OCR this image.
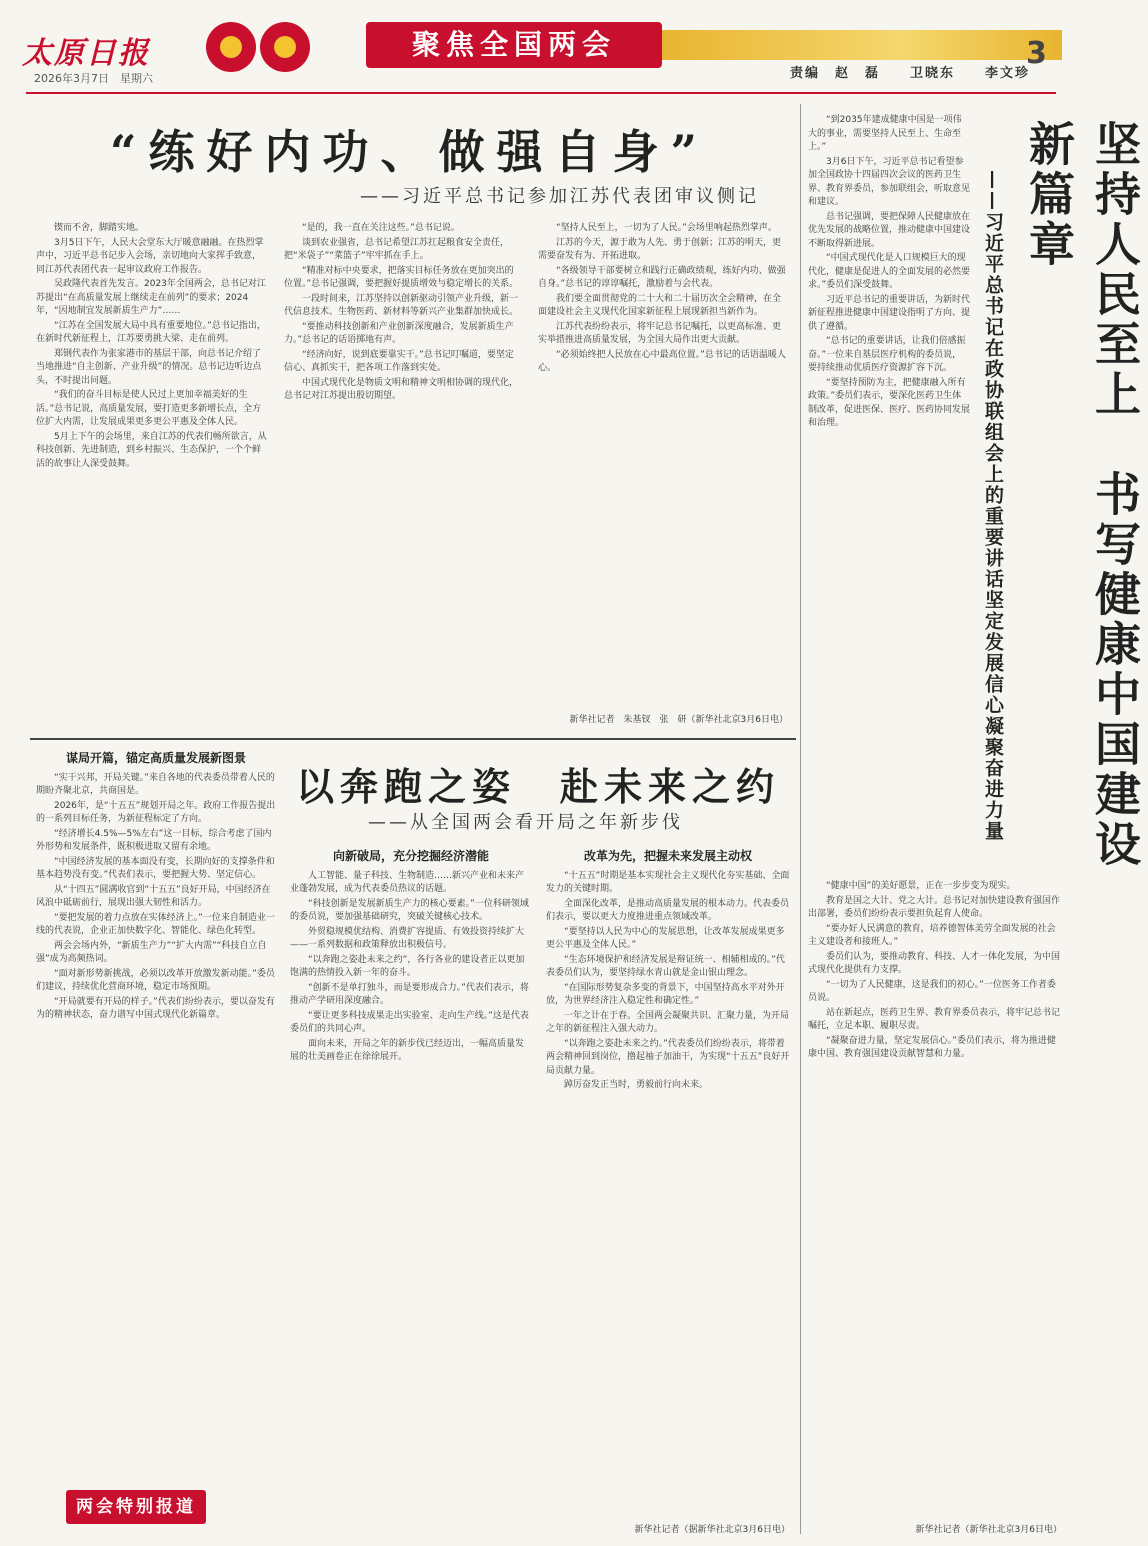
太原日报
2026年3月7日　星期六
聚焦全国两会
责编　赵　磊　　卫晓东　　李文珍
3
“练好内功、做强自身”
——习近平总书记参加江苏代表团审议侧记

锲而不舍，脚踏实地。

3月5日下午，人民大会堂东大厅暖意融融。在热烈掌声中，习近平总书记步入会场，亲切地向大家挥手致意，同江苏代表团代表一起审议政府工作报告。

吴政隆代表首先发言。2023年全国两会，总书记对江苏提出“在高质量发展上继续走在前列”的要求；2024年，“因地制宜发展新质生产力”……

“江苏在全国发展大局中具有重要地位。”总书记指出，在新时代新征程上，江苏要勇挑大梁、走在前列。

郑钢代表作为张家港市的基层干部，向总书记介绍了当地推进“自主创新、产业升级”的情况。总书记边听边点头，不时提出问题。

“我们的奋斗目标是使人民过上更加幸福美好的生活。”总书记说，高质量发展，要打造更多新增长点，全方位扩大内需，让发展成果更多更公平惠及全体人民。

5月上下午的会场里，来自江苏的代表们畅所欲言，从科技创新、先进制造，到乡村振兴、生态保护，一个个鲜活的故事让人深受鼓舞。

“是的，我一直在关注这些。”总书记说。

谈到农业强省，总书记希望江苏扛起粮食安全责任，把“米袋子”“菜篮子”牢牢抓在手上。

“精准对标中央要求，把落实目标任务放在更加突出的位置。”总书记强调，要把握好提质增效与稳定增长的关系。

一段时间来，江苏坚持以创新驱动引领产业升级，新一代信息技术、生物医药、新材料等新兴产业集群加快成长。

“要推动科技创新和产业创新深度融合，发展新质生产力。”总书记的话语掷地有声。

“经济向好，说到底要靠实干。”总书记叮嘱道，要坚定信心、真抓实干，把各项工作落到实处。

中国式现代化是物质文明和精神文明相协调的现代化，总书记对江苏提出殷切期望。

“坚持人民至上，一切为了人民。”会场里响起热烈掌声。

江苏的今天，源于敢为人先、勇于创新；江苏的明天，更需要奋发有为、开拓进取。

“各级领导干部要树立和践行正确政绩观，练好内功、做强自身。”总书记的谆谆嘱托，激励着与会代表。

我们要全面贯彻党的二十大和二十届历次全会精神，在全面建设社会主义现代化国家新征程上展现新担当新作为。

江苏代表纷纷表示，将牢记总书记嘱托，以更高标准、更实举措推进高质量发展，为全国大局作出更大贡献。

“必须始终把人民放在心中最高位置。”总书记的话语温暖人心。

新华社记者　朱基钗　张　研（新华社北京3月6日电）

以奔跑之姿　赴未来之约
——从全国两会看开局之年新步伐

谋局开篇，锚定高质量发展新图景

“实干兴邦，开局关键。”来自各地的代表委员带着人民的期盼齐聚北京，共商国是。

2026年，是“十五五”规划开局之年。政府工作报告提出的一系列目标任务，为新征程标定了方向。

“经济增长4.5%—5%左右”这一目标，综合考虑了国内外形势和发展条件，既积极进取又留有余地。

“中国经济发展的基本面没有变，长期向好的支撑条件和基本趋势没有变。”代表们表示，要把握大势、坚定信心。

从“十四五”圆满收官到“十五五”良好开局，中国经济在风浪中砥砺前行，展现出强大韧性和活力。

“要把发展的着力点放在实体经济上。”一位来自制造业一线的代表说，企业正加快数字化、智能化、绿色化转型。

两会会场内外，“新质生产力”“扩大内需”“科技自立自强”成为高频热词。

“面对新形势新挑战，必须以改革开放激发新动能。”委员们建议，持续优化营商环境，稳定市场预期。

“开局就要有开局的样子。”代表们纷纷表示，要以奋发有为的精神状态，奋力谱写中国式现代化新篇章。

向新破局，充分挖掘经济潜能

人工智能、量子科技、生物制造……新兴产业和未来产业蓬勃发展，成为代表委员热议的话题。

“科技创新是发展新质生产力的核心要素。”一位科研领域的委员说，要加强基础研究，突破关键核心技术。

外贸稳规模优结构、消费扩容提质、有效投资持续扩大——一系列数据和政策释放出积极信号。

“以奔跑之姿赴未来之约”，各行各业的建设者正以更加饱满的热情投入新一年的奋斗。

“创新不是单打独斗，而是要形成合力。”代表们表示，将推动产学研用深度融合。

“要让更多科技成果走出实验室、走向生产线。”这是代表委员们的共同心声。

面向未来，开局之年的新步伐已经迈出，一幅高质量发展的壮美画卷正在徐徐展开。

改革为先，把握未来发展主动权

“十五五”时期是基本实现社会主义现代化夯实基础、全面发力的关键时期。

全面深化改革，是推动高质量发展的根本动力。代表委员们表示，要以更大力度推进重点领域改革。

“要坚持以人民为中心的发展思想，让改革发展成果更多更公平惠及全体人民。”

“生态环境保护和经济发展是辩证统一、相辅相成的。”代表委员们认为，要坚持绿水青山就是金山银山理念。

“在国际形势复杂多变的背景下，中国坚持高水平对外开放，为世界经济注入稳定性和确定性。”

一年之计在于春。全国两会凝聚共识、汇聚力量，为开局之年的新征程注入强大动力。

“以奔跑之姿赴未来之约。”代表委员们纷纷表示，将带着两会精神回到岗位，撸起袖子加油干，为实现“十五五”良好开局贡献力量。

踔厉奋发正当时，勇毅前行向未来。

新华社记者（据新华社北京3月6日电）

两会特别报道
坚持人民至上　书写健康中国建设新篇章
——习近平总书记在政协联组会上的重要讲话坚定发展信心凝聚奋进力量

“到2035年建成健康中国是一项伟大的事业，需要坚持人民至上、生命至上。”

3月6日下午，习近平总书记看望参加全国政协十四届四次会议的医药卫生界、教育界委员，参加联组会，听取意见和建议。

总书记强调，要把保障人民健康放在优先发展的战略位置，推动健康中国建设不断取得新进展。

“中国式现代化是人口规模巨大的现代化，健康是促进人的全面发展的必然要求。”委员们深受鼓舞。

习近平总书记的重要讲话，为新时代新征程推进健康中国建设指明了方向、提供了遵循。

“总书记的重要讲话，让我们倍感振奋。”一位来自基层医疗机构的委员说，要持续推动优质医疗资源扩容下沉。

“要坚持预防为主，把健康融入所有政策。”委员们表示，要深化医药卫生体制改革，促进医保、医疗、医药协同发展和治理。

“健康中国”的美好愿景，正在一步步变为现实。

教育是国之大计、党之大计。总书记对加快建设教育强国作出部署，委员们纷纷表示要担负起育人使命。

“要办好人民满意的教育，培养德智体美劳全面发展的社会主义建设者和接班人。”

委员们认为，要推动教育、科技、人才一体化发展，为中国式现代化提供有力支撑。

“一切为了人民健康，这是我们的初心。”一位医务工作者委员说。

站在新起点，医药卫生界、教育界委员表示，将牢记总书记嘱托，立足本职、履职尽责。

“凝聚奋进力量，坚定发展信心。”委员们表示，将为推进健康中国、教育强国建设贡献智慧和力量。

新华社记者（新华社北京3月6日电）
